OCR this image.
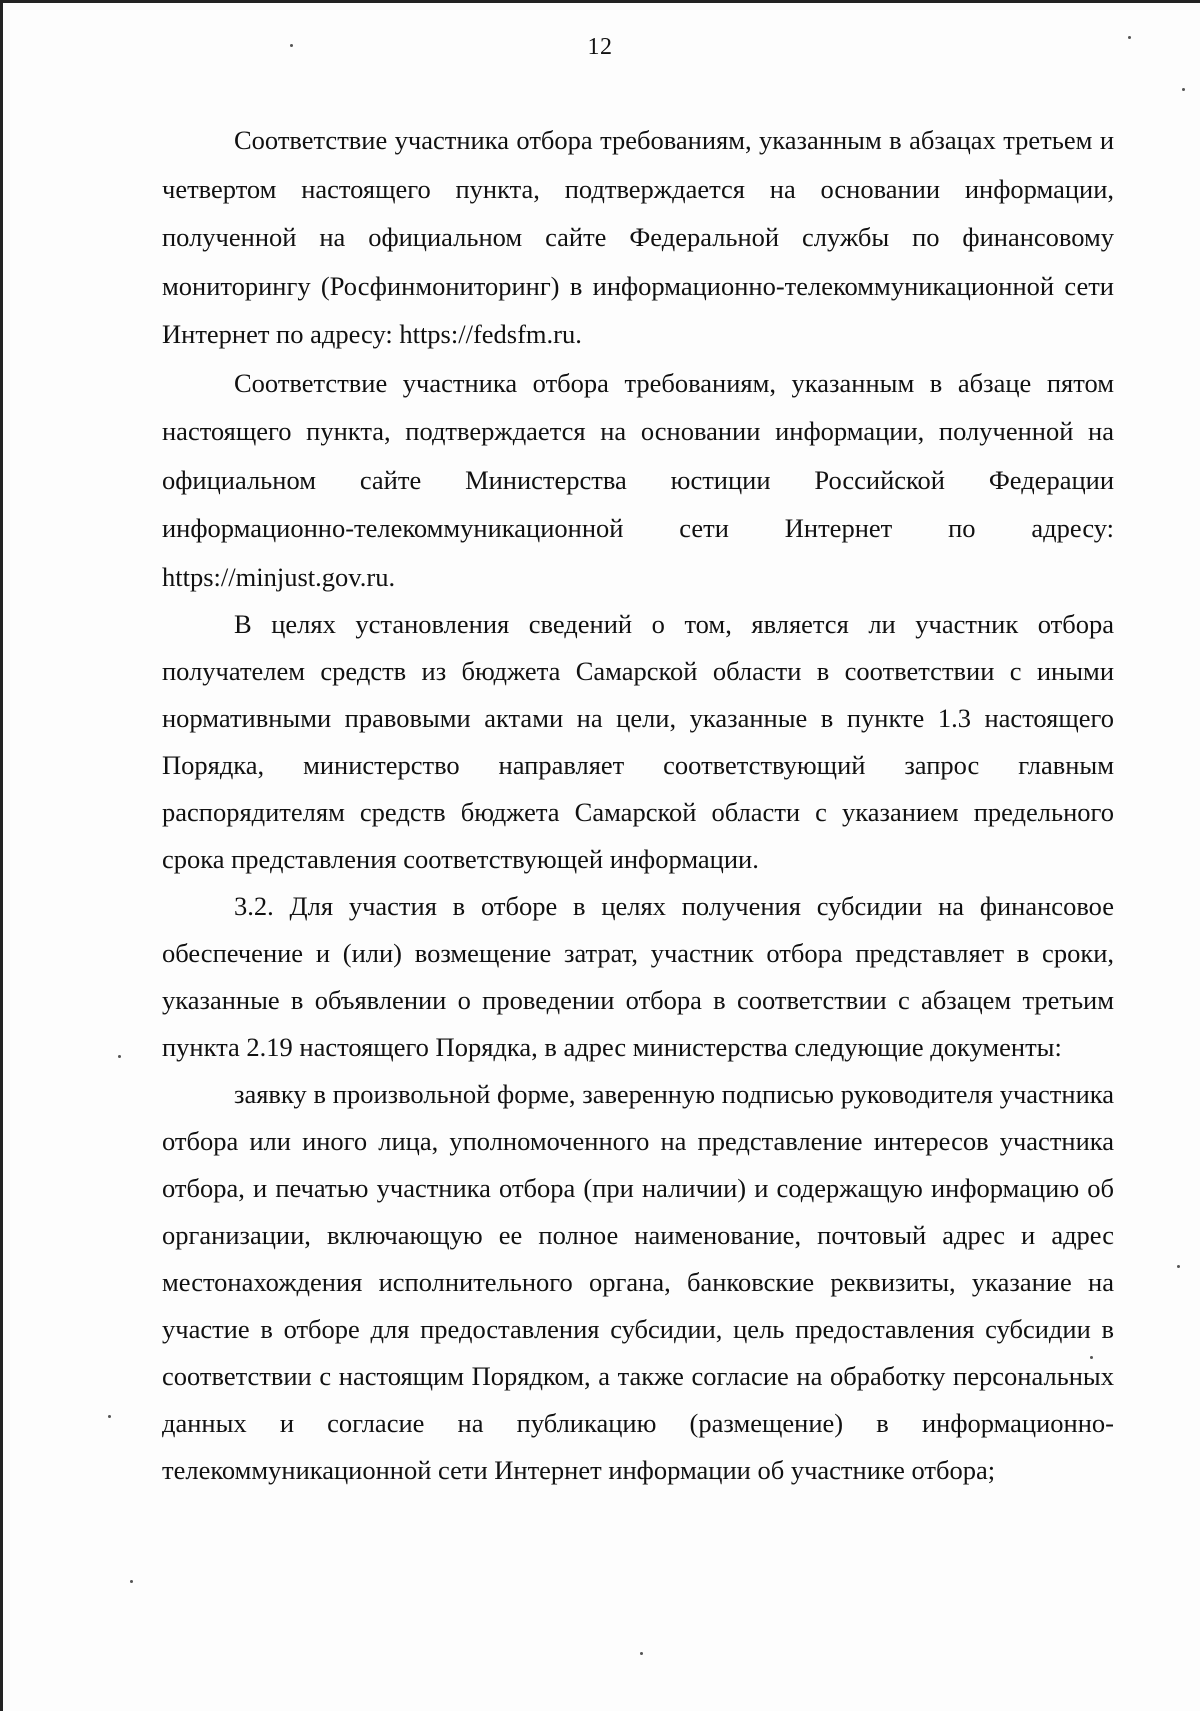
12

Соответствие участника отбора требованиям, указанным в абзацах третьем и четвертом настоящего пункта, подтверждается на основании информации, полученной на официальном сайте Федеральной службы по финансовому мониторингу (Росфинмониторинг) в информационно-телекоммуникационной сети Интернет по адресу: https://fedsfm.ru.

Соответствие участника отбора требованиям, указанным в абзаце пятом настоящего пункта, подтверждается на основании информации, полученной на официальном сайте Министерства юстиции Российской Федерации информационно-телекоммуникационной сети Интернет по адресу: https://minjust.gov.ru.

В целях установления сведений о том, является ли участник отбора получателем средств из бюджета Самарской области в соответствии с иными нормативными правовыми актами на цели, указанные в пункте 1.3 настоящего Порядка, министерство направляет соответствующий запрос главным распорядителям средств бюджета Самарской области с указанием предельного срока представления соответствующей информации.

3.2. Для участия в отборе в целях получения субсидии на финансовое обеспечение и (или) возмещение затрат, участник отбора представляет в сроки, указанные в объявлении о проведении отбора в соответствии с абзацем третьим пункта 2.19 настоящего Порядка, в адрес министерства следующие документы:

заявку в произвольной форме, заверенную подписью руководителя участника отбора или иного лица, уполномоченного на представление интересов участника отбора, и печатью участника отбора (при наличии) и содержащую информацию об организации, включающую ее полное наименование, почтовый адрес и адрес местонахождения исполнительного органа, банковские реквизиты, указание на участие в отборе для предоставления субсидии, цель предоставления субсидии в соответствии с настоящим Порядком, а также согласие на обработку персональных данных и согласие на публикацию (размещение) в информационно-телекоммуникационной сети Интернет информации об участнике отбора;
